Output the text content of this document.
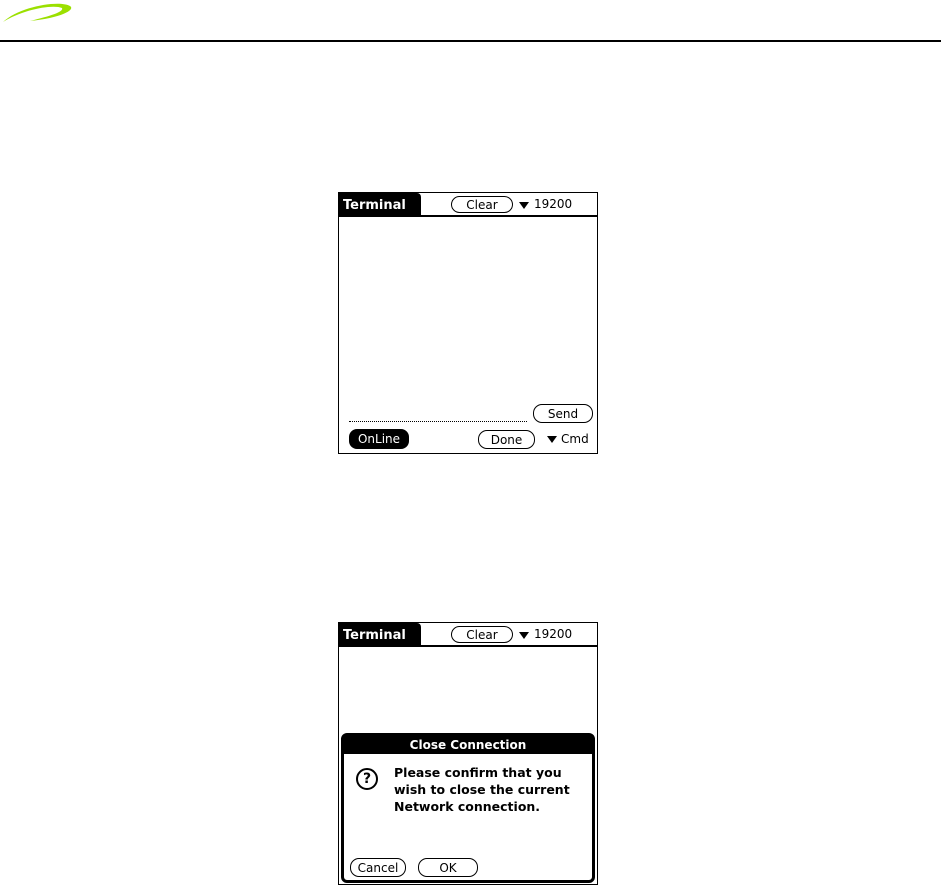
Terminal	Clear	19200
Send
OnLine	Done	Cmd
Terminal	Clear	19200
Close Connection
?	Please confirm that you wish to close the current Network connection.
Cancel	OK
